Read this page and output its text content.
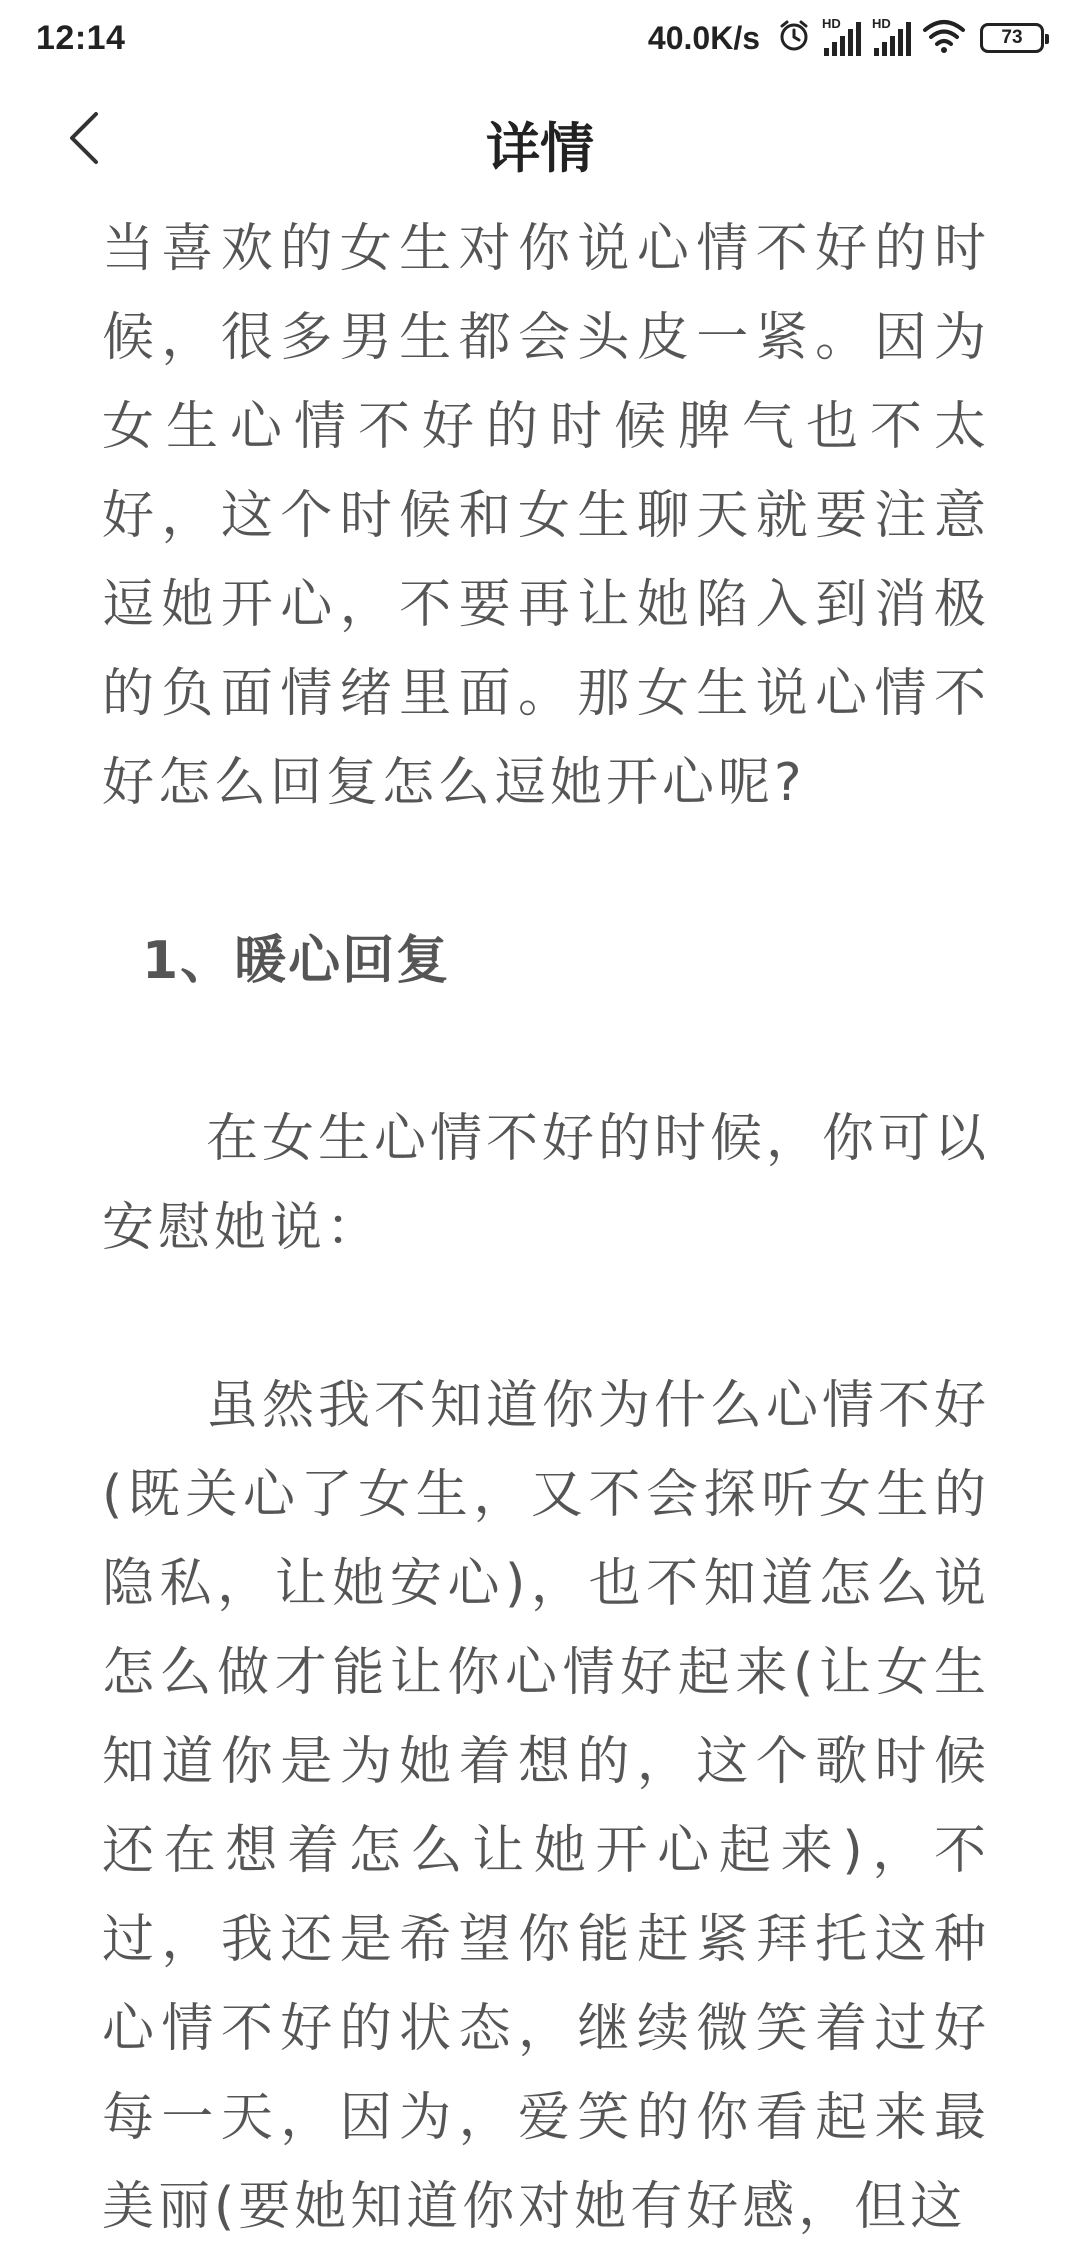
12:14	40.0K/s	HD HD
73
详情

当喜欢的女生对你说心情不好的时候，很多男生都会头皮一紧。因为女生心情不好的时候脾气也不太好，这个时候和女生聊天就要注意逗她开心，不要再让她陷入到消极的负面情绪里面。那女生说心情不好怎么回复怎么逗她开心呢?

1、暖心回复

在女生心情不好的时候，你可以安慰她说：

虽然我不知道你为什么心情不好(既关心了女生，又不会探听女生的隐私，让她安心)，也不知道怎么说怎么做才能让你心情好起来(让女生知道你是为她着想的，这个歌时候还在想着怎么让她开心起来)，不过，我还是希望你能赶紧拜托这种心情不好的状态，继续微笑着过好每一天，因为，爱笑的你看起来最美丽(要她知道你对她有好感，但这
